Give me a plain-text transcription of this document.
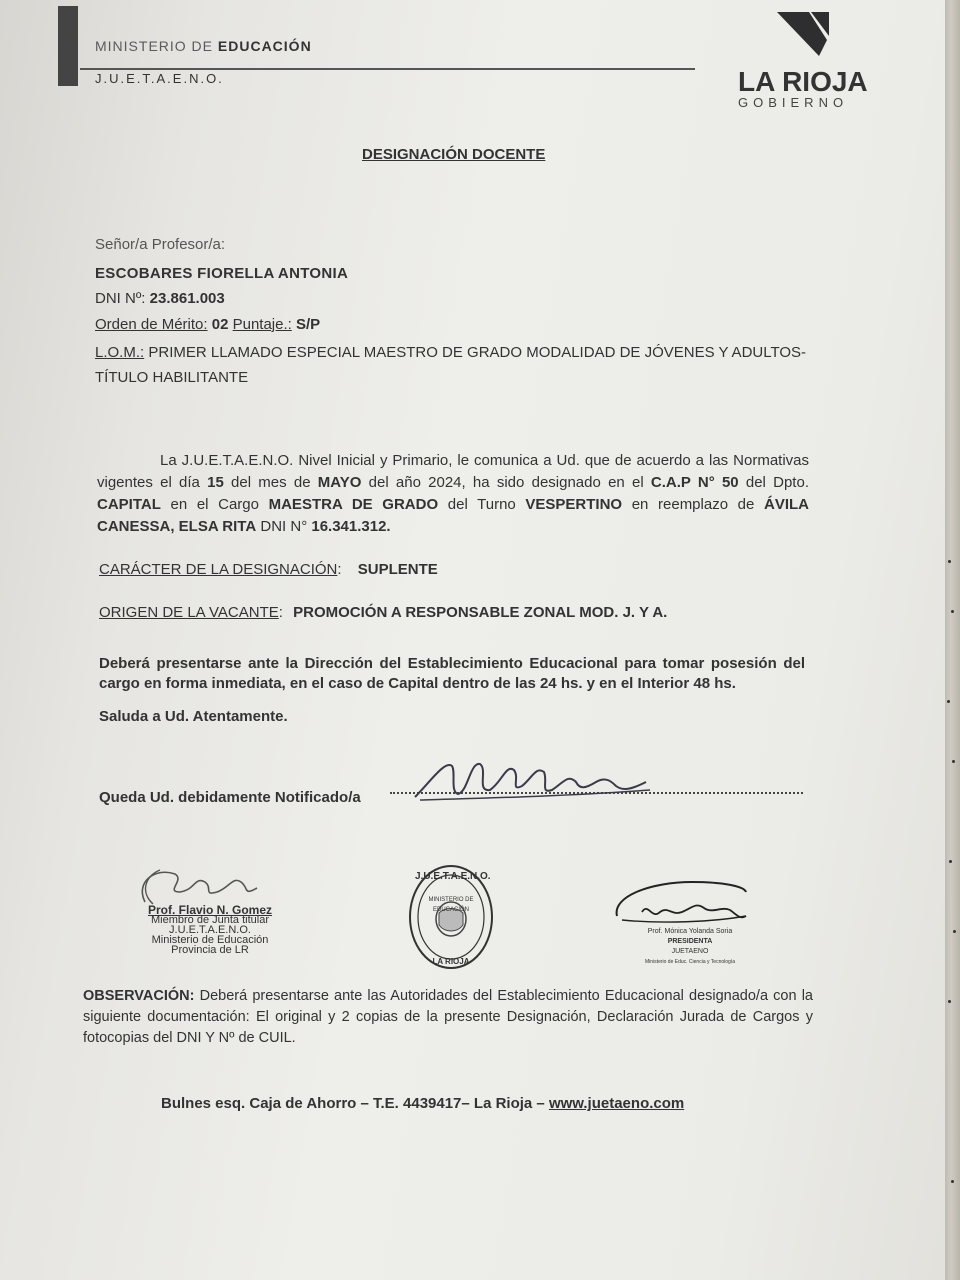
MINISTERIO DE EDUCACIÓN
J.U.E.T.A.E.N.O.	LA RIOJA
GOBIERNO
DESIGNACIÓN DOCENTE
Señor/a Profesor/a:
ESCOBARES FIORELLA ANTONIA
DNI Nº: 23.861.003
Orden de Mérito: 02 Puntaje.: S/P
L.O.M.: PRIMER LLAMADO ESPECIAL MAESTRO DE GRADO MODALIDAD DE JÓVENES Y ADULTOS-
TÍTULO HABILITANTE
La J.U.E.T.A.E.N.O. Nivel Inicial y Primario, le comunica a Ud. que de acuerdo a las Normativas vigentes el día 15 del mes de MAYO del año 2024, ha sido designado en el C.A.P N° 50 del Dpto. CAPITAL en el Cargo MAESTRA DE GRADO del Turno VESPERTINO en reemplazo de ÁVILA CANESSA, ELSA RITA DNI N° 16.341.312.
CARÁCTER DE LA DESIGNACIÓN: SUPLENTE
ORIGEN DE LA VACANTE: PROMOCIÓN A RESPONSABLE ZONAL MOD. J. Y A.
Deberá presentarse ante la Dirección del Establecimiento Educacional para tomar posesión del cargo en forma inmediata, en el caso de Capital dentro de las 24 hs. y en el Interior 48 hs.
Saluda a Ud. Atentamente.
Queda Ud. debidamente Notificado/a
Prof. Flavio N. Gomez
Miembro de Junta titular
J.U.E.T.A.E.N.O.
Ministerio de Educación
Provincia de LR
J.U.E.T.A.E.N.O.
MINISTERIO DE EDUCACIÓN
LA RIOJA
Prof. Mónica Yolanda Soria
PRESIDENTA
JUETAENO
Ministerio de Educ. Ciencia y Tecnología
OBSERVACIÓN: Deberá presentarse ante las Autoridades del Establecimiento Educacional designado/a con la siguiente documentación: El original y 2 copias de la presente Designación, Declaración Jurada de Cargos y fotocopias del DNI Y Nº de CUIL.
Bulnes esq. Caja de Ahorro – T.E. 4439417– La Rioja – www.juetaeno.com
